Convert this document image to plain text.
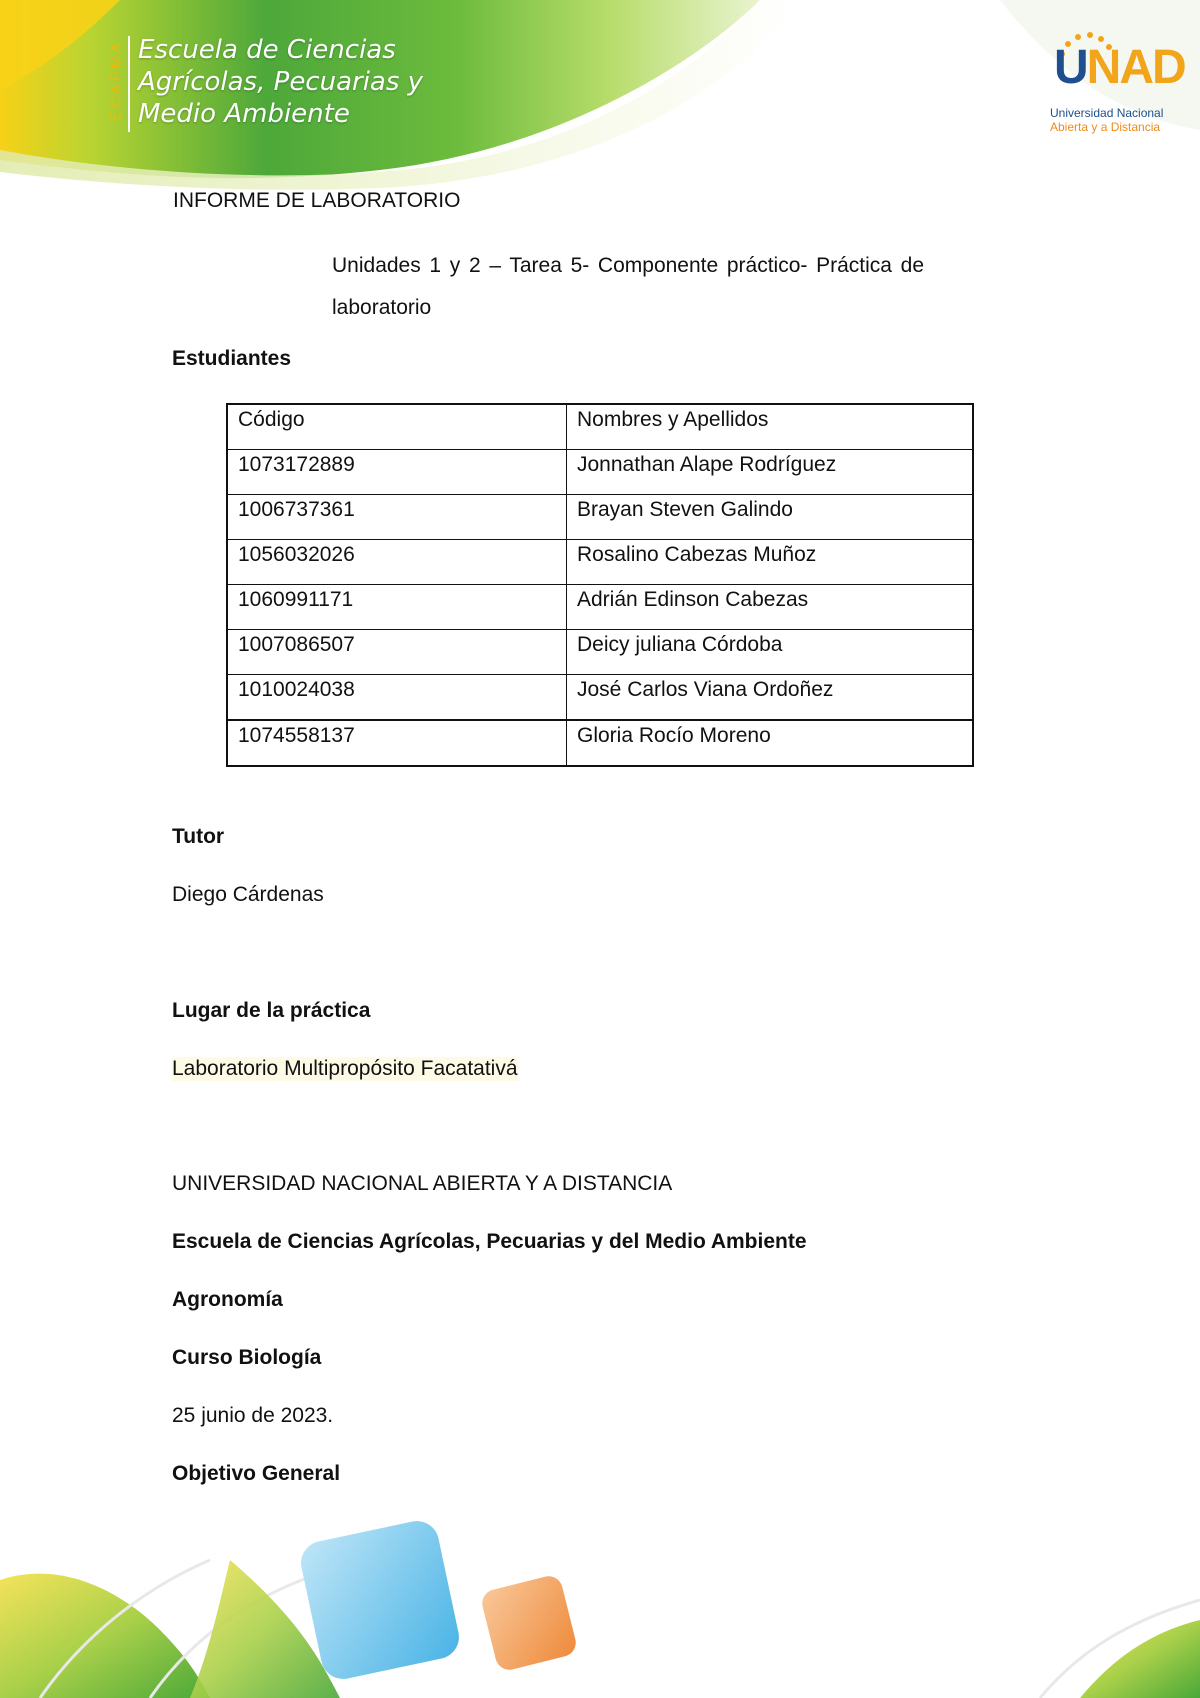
ECAPMA Escuela de Ciencias
Agrícolas, Pecuarias y
Medio Ambiente
UNAD
Universidad Nacional
Abierta y a Distancia
INFORME DE LABORATORIO
Unidades 1 y 2 – Tarea 5- Componente práctico- Práctica de laboratorio
Estudiantes
Código	Nombres y Apellidos
1073172889	Jonnathan Alape Rodríguez
1006737361	Brayan Steven Galindo
1056032026	Rosalino Cabezas Muñoz
1060991171	Adrián Edinson Cabezas
1007086507	Deicy juliana Córdoba
1010024038	José Carlos Viana Ordoñez
1074558137	Gloria Rocío Moreno
Tutor
Diego Cárdenas
Lugar de la práctica
Laboratorio Multipropósito Facatativá
UNIVERSIDAD NACIONAL ABIERTA Y A DISTANCIA
Escuela de Ciencias Agrícolas, Pecuarias y del Medio Ambiente
Agronomía
Curso Biología
25 junio de 2023.
Objetivo General
